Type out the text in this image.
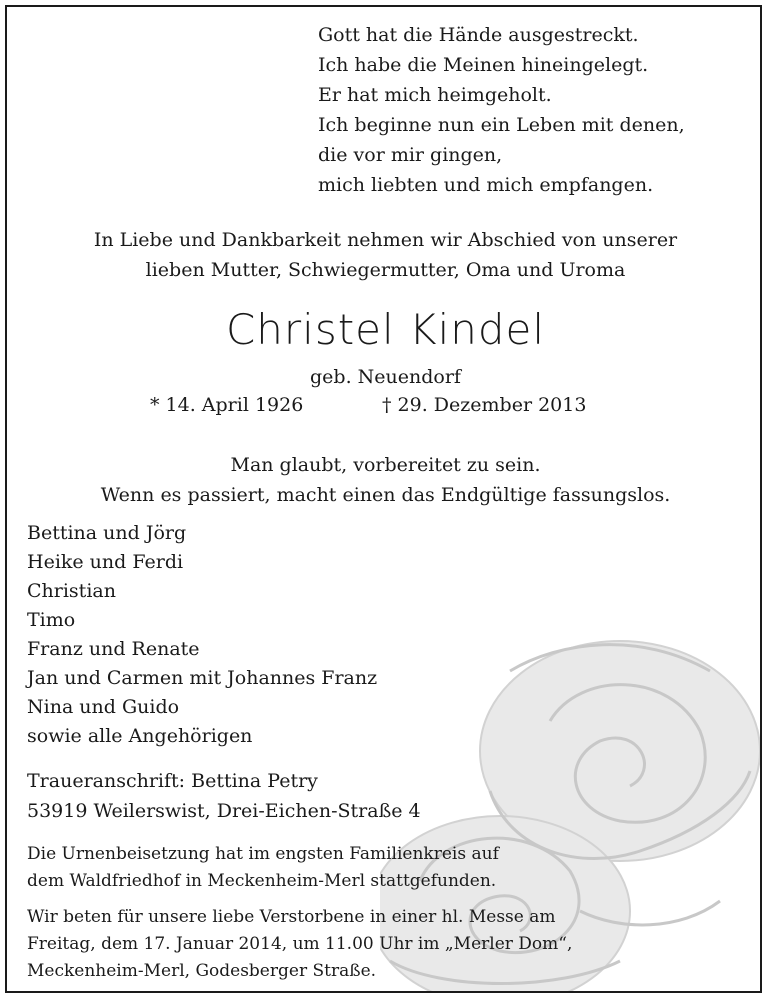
Gott hat die Hände ausgestreckt.
Ich habe die Meinen hineingelegt.
Er hat mich heimgeholt.
Ich beginne nun ein Leben mit denen,
die vor mir gingen,
mich liebten und mich empfangen.
In Liebe und Dankbarkeit nehmen wir Abschied von unserer
lieben Mutter, Schwiegermutter, Oma und Uroma
Christel Kindel
geb. Neuendorf
* 14. April 1926	† 29. Dezember 2013
Man glaubt, vorbereitet zu sein.
Wenn es passiert, macht einen das Endgültige fassungslos.
Bettina und Jörg
Heike und Ferdi
Christian
Timo
Franz und Renate
Jan und Carmen mit Johannes Franz
Nina und Guido
sowie alle Angehörigen
Traueranschrift: Bettina Petry
53919 Weilerswist, Drei-Eichen-Straße 4
Die Urnenbeisetzung hat im engsten Familienkreis auf
dem Waldfriedhof in Meckenheim-Merl stattgefunden.
Wir beten für unsere liebe Verstorbene in einer hl. Messe am
Freitag, dem 17. Januar 2014, um 11.00 Uhr im „Merler Dom“,
Meckenheim-Merl, Godesberger Straße.
